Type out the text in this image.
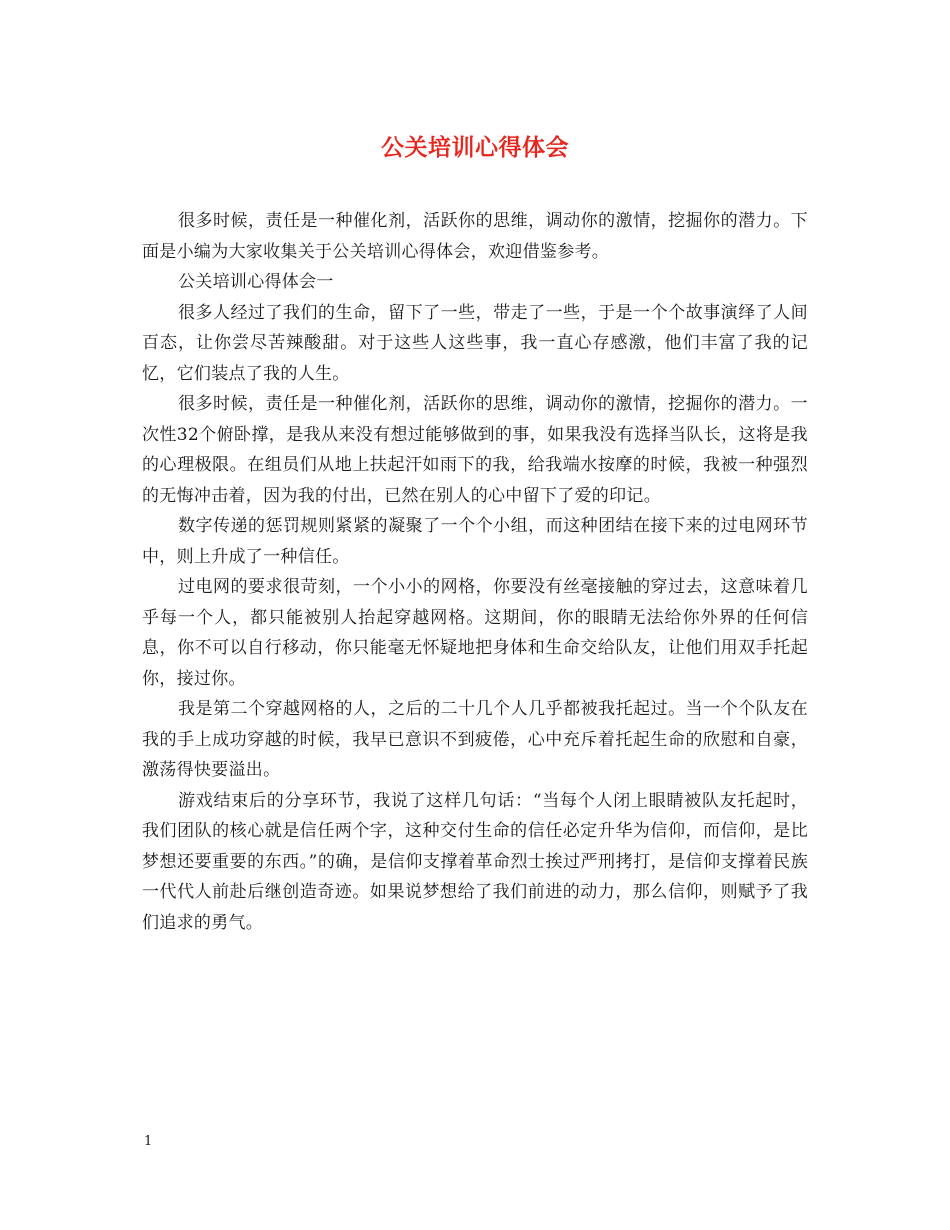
公关培训心得体会

很多时候，责任是一种催化剂，活跃你的思维，调动你的激情，挖掘你的潜力。下面是小编为大家收集关于公关培训心得体会，欢迎借鉴参考。

公关培训心得体会一

很多人经过了我们的生命，留下了一些，带走了一些，于是一个个故事演绎了人间百态，让你尝尽苦辣酸甜。对于这些人这些事，我一直心存感激，他们丰富了我的记忆，它们装点了我的人生。

很多时候，责任是一种催化剂，活跃你的思维，调动你的激情，挖掘你的潜力。一次性32个俯卧撑，是我从来没有想过能够做到的事，如果我没有选择当队长，这将是我的心理极限。在组员们从地上扶起汗如雨下的我，给我端水按摩的时候，我被一种强烈的无悔冲击着，因为我的付出，已然在别人的心中留下了爱的印记。

数字传递的惩罚规则紧紧的凝聚了一个个小组，而这种团结在接下来的过电网环节中，则上升成了一种信任。

过电网的要求很苛刻，一个小小的网格，你要没有丝毫接触的穿过去，这意味着几乎每一个人，都只能被别人抬起穿越网格。这期间，你的眼睛无法给你外界的任何信息，你不可以自行移动，你只能毫无怀疑地把身体和生命交给队友，让他们用双手托起你，接过你。

我是第二个穿越网格的人，之后的二十几个人几乎都被我托起过。当一个个队友在我的手上成功穿越的时候，我早已意识不到疲倦，心中充斥着托起生命的欣慰和自豪，激荡得快要溢出。

游戏结束后的分享环节，我说了这样几句话：“当每个人闭上眼睛被队友托起时，我们团队的核心就是信任两个字，这种交付生命的信任必定升华为信仰，而信仰，是比梦想还要重要的东西。”的确，是信仰支撑着革命烈士挨过严刑拷打，是信仰支撑着民族一代代人前赴后继创造奇迹。如果说梦想给了我们前进的动力，那么信仰，则赋予了我们追求的勇气。

1
